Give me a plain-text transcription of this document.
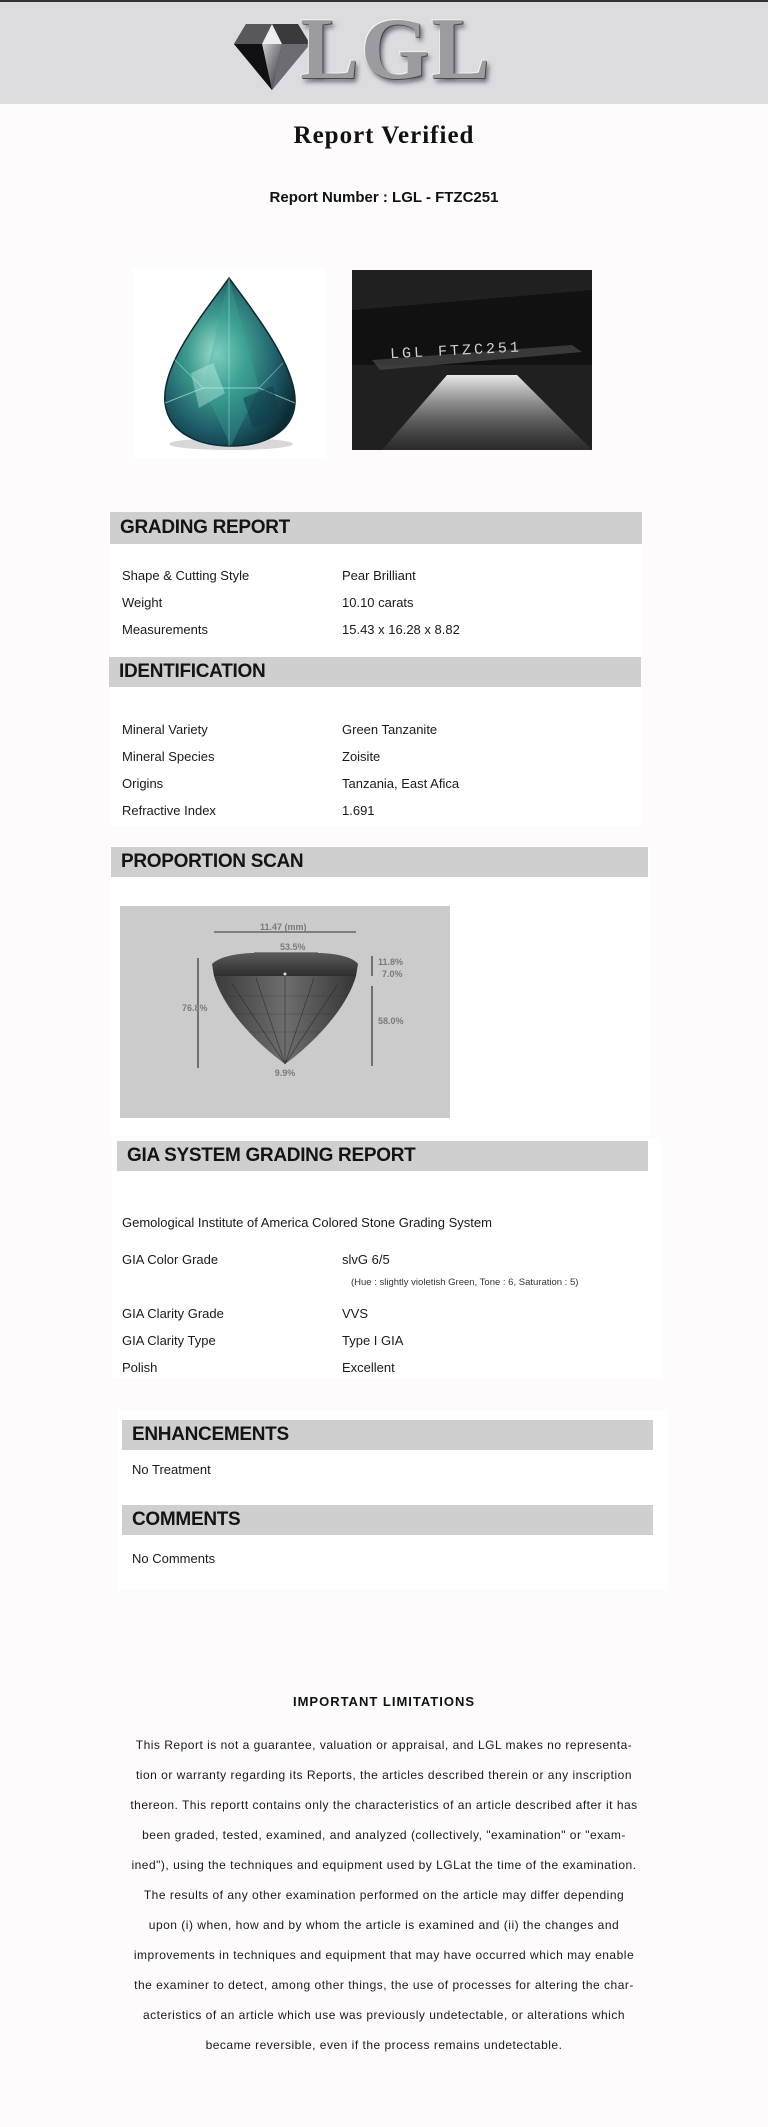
LGL
Report Verified
Report Number : LGL - FTZC251
LGL FTZC251
GRADING REPORT
Shape & Cutting Style	Pear Brilliant
Weight	10.10 carats
Measurements	15.43 x 16.28 x 8.82
IDENTIFICATION
Mineral Variety	Green Tanzanite
Mineral Species	Zoisite
Origins	Tanzania, East Afica
Refractive Index	1.691
PROPORTION SCAN
11.47 (mm)
53.5%
76.8%
11.8%
7.0%
58.0%
9.9%
GIA SYSTEM GRADING REPORT
Gemological Institute of America Colored Stone Grading System
GIA Color Grade	slvG 6/5
(Hue : slightly violetish Green, Tone : 6, Saturation : 5)
GIA Clarity Grade	VVS
GIA Clarity Type	Type I GIA
Polish	Excellent
ENHANCEMENTS
No Treatment
COMMENTS
No Comments
IMPORTANT LIMITATIONS
This Report is not a guarantee, valuation or appraisal, and LGL makes no representa-
tion or warranty regarding its Reports, the articles described therein or any inscription
thereon. This reportt contains only the characteristics of an article described after it has
been graded, tested, examined, and analyzed (collectively, "examination" or "exam-
ined"), using the techniques and equipment used by LGLat the time of the examination.
The results of any other examination performed on the article may differ depending
upon (i) when, how and by whom the article is examined and (ii) the changes and
improvements in techniques and equipment that may have occurred which may enable
the examiner to detect, among other things, the use of processes for altering the char-
acteristics of an article which use was previously undetectable, or alterations which
became reversible, even if the process remains undetectable.
